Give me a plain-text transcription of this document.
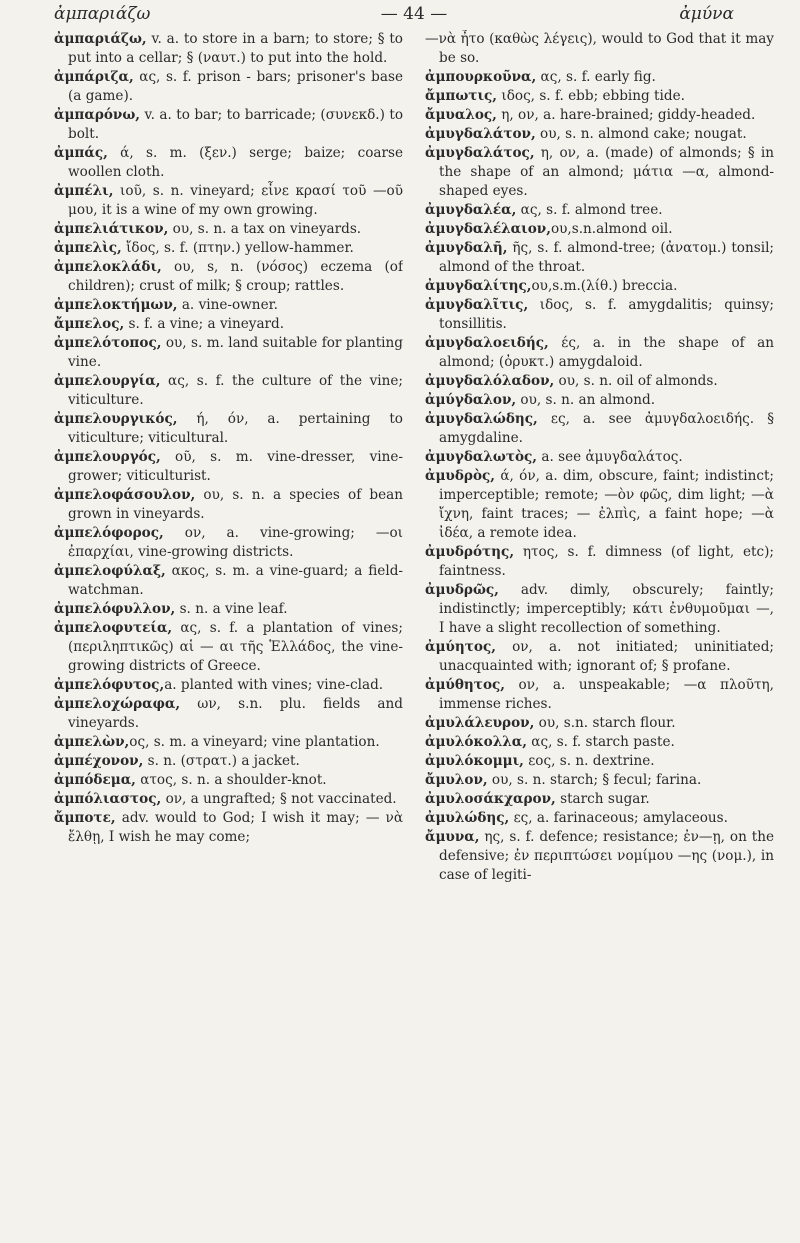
ἀμπαριάζω	— 44 —	ἀμύνα

ἀμπαριάζω, v. a. to store in a barn; to store; § to put into a cellar; § (ναυτ.) to put into the hold.

ἀμπάριζα, ας, s. f. prison - bars; prisoner's base (a game).

ἀμπαρόνω, v. a. to bar; to barricade; (συνεκδ.) to bolt.

ἀμπάς, ά, s. m. (ξεν.) serge; baize; coarse woollen cloth.

ἀμπέλι, ιοῦ, s. n. vineyard; εἶνε κρασί τοῦ —οῦ μου, it is a wine of my own growing.

ἀμπελιάτικον, ου, s. n. a tax on vineyards.

ἀμπελὶς, ἴδος, s. f. (πτην.) yellow-hammer.

ἀμπελοκλάδι, ου, s, n. (νόσος) eczema (of children); crust of milk; § croup; rattles.

ἀμπελοκτήμων, a. vine-owner.

ἄμπελος, s. f. a vine; a vineyard.

ἀμπελότοπος, ου, s. m. land suitable for planting vine.

ἀμπελουργία, ας, s. f. the culture of the vine; viticulture.

ἀμπελουργικός, ή, όν, a. pertaining to viticulture; viticultural.

ἀμπελουργός, οῦ, s. m. vine-dresser, vine-grower; viticulturist.

ἀμπελοφάσουλον, ου, s. n. a species of bean grown in vineyards.

ἀμπελόφορος, ον, a. vine-growing; —οι ἐπαρχίαι, vine-growing districts.

ἀμπελοφύλαξ, ακος, s. m. a vine-guard; a field-watchman.

ἀμπελόφυλλον, s. n. a vine leaf.

ἀμπελοφυτεία, ας, s. f. a plantation of vines; (περιληπτικῶς) αἱ — αι τῆς Ἑλλάδος, the vine-growing districts of Greece.

ἀμπελόφυτος,a. planted with vines; vine-clad.

ἀμπελοχώραφα, ων, s.n. plu. fields and vineyards.

ἀμπελὼν,ος, s. m. a vineyard; vine plantation.

ἀμπέχονον, s. n. (στρατ.) a jacket.

ἀμπόδεμα, ατος, s. n. a shoulder-knot.

ἀμπόλιαστος, ον, a ungrafted; § not vaccinated.

ἄμποτε, adv. would to God; I wish it may; — νὰ ἔλθῃ, I wish he may come;

—νὰ ἦτο (καθὼς λέγεις), would to God that it may be so.

ἀμπουρκοῦνα, ας, s. f. early fig.

ἄμπωτις, ιδος, s. f. ebb; ebbing tide.

ἄμυαλος, η, ον, a. hare-brained; giddy-headed.

ἀμυγδαλάτον, ου, s. n. almond cake; nougat.

ἀμυγδαλάτος, η, ον, a. (made) of almonds; § in the shape of an almond; μάτια —α, almond-shaped eyes.

ἀμυγδαλέα, ας, s. f. almond tree.

ἀμυγδαλέλαιον,ου,s.n.almond oil.

ἀμυγδαλῆ, ῆς, s. f. almond-tree; (ἀνατομ.) tonsil; almond of the throat.

ἀμυγδαλίτης,ου,s.m.(λίθ.) breccia.

ἀμυγδαλῖτις, ιδος, s. f. amygdalitis; quinsy; tonsillitis.

ἀμυγδαλοειδής, ές, a. in the shape of an almond; (ὀρυκτ.) amygdaloid.

ἀμυγδαλόλαδον, ου, s. n. oil of almonds.

ἀμύγδαλον, ου, s. n. an almond.

ἀμυγδαλώδης, ες, a. see ἀμυγδαλοειδής. § amygdaline.

ἀμυγδαλωτὸς, a. see ἀμυγδαλάτος.

ἀμυδρὸς, ά, όν, a. dim, obscure, faint; indistinct; imperceptible; remote; —ὸν φῶς, dim light; —ὰ ἴχνη, faint traces; — ἐλπὶς, a faint hope; —ὰ ἰδέα, a remote idea.

ἀμυδρότης, ητος, s. f. dimness (of light, etc); faintness.

ἀμυδρῶς, adv. dimly, obscurely; faintly; indistinctly; imperceptibly; κάτι ἐνθυμοῦμαι —, I have a slight recollection of something.

ἀμύητος, ον, a. not initiated; uninitiated; unacquainted with; ignorant of; § profane.

ἀμύθητος, ον, a. unspeakable; —α πλοῦτη, immense riches.

ἀμυλάλευρον, ου, s.n. starch flour.

ἀμυλόκολλα, ας, s. f. starch paste.

ἀμυλόκομμι, εος, s. n. dextrine.

ἄμυλον, ου, s. n. starch; § fecul; farina.

ἀμυλοσάκχαρον, starch sugar.

ἀμυλώδης, ες, a. farinaceous; amylaceous.

ἄμυνα, ης, s. f. defence; resistance; ἐν—ῃ, on the defensive; ἐν περιπτώσει νομίμου —ης (νομ.), in case of legiti-
